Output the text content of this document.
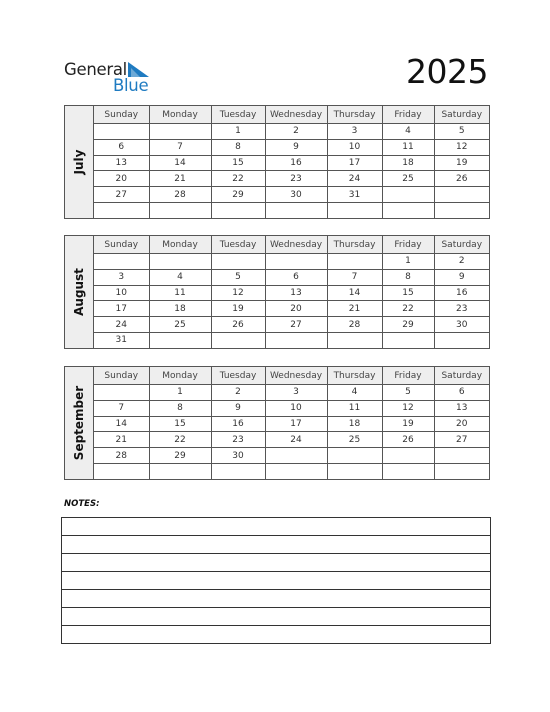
General
Blue	2025
July
Sunday	Monday	Tuesday	Wednesday	Thursday	Friday	Saturday
		1	2	3	4	5
6	7	8	9	10	11	12
13	14	15	16	17	18	19
20	21	22	23	24	25	26
27	28	29	30	31		

August
Sunday	Monday	Tuesday	Wednesday	Thursday	Friday	Saturday
					1	2
3	4	5	6	7	8	9
10	11	12	13	14	15	16
17	18	19	20	21	22	23
24	25	26	27	28	29	30
31						
September
Sunday	Monday	Tuesday	Wednesday	Thursday	Friday	Saturday
	1	2	3	4	5	6
7	8	9	10	11	12	13
14	15	16	17	18	19	20
21	22	23	24	25	26	27
28	29	30				

NOTES:
